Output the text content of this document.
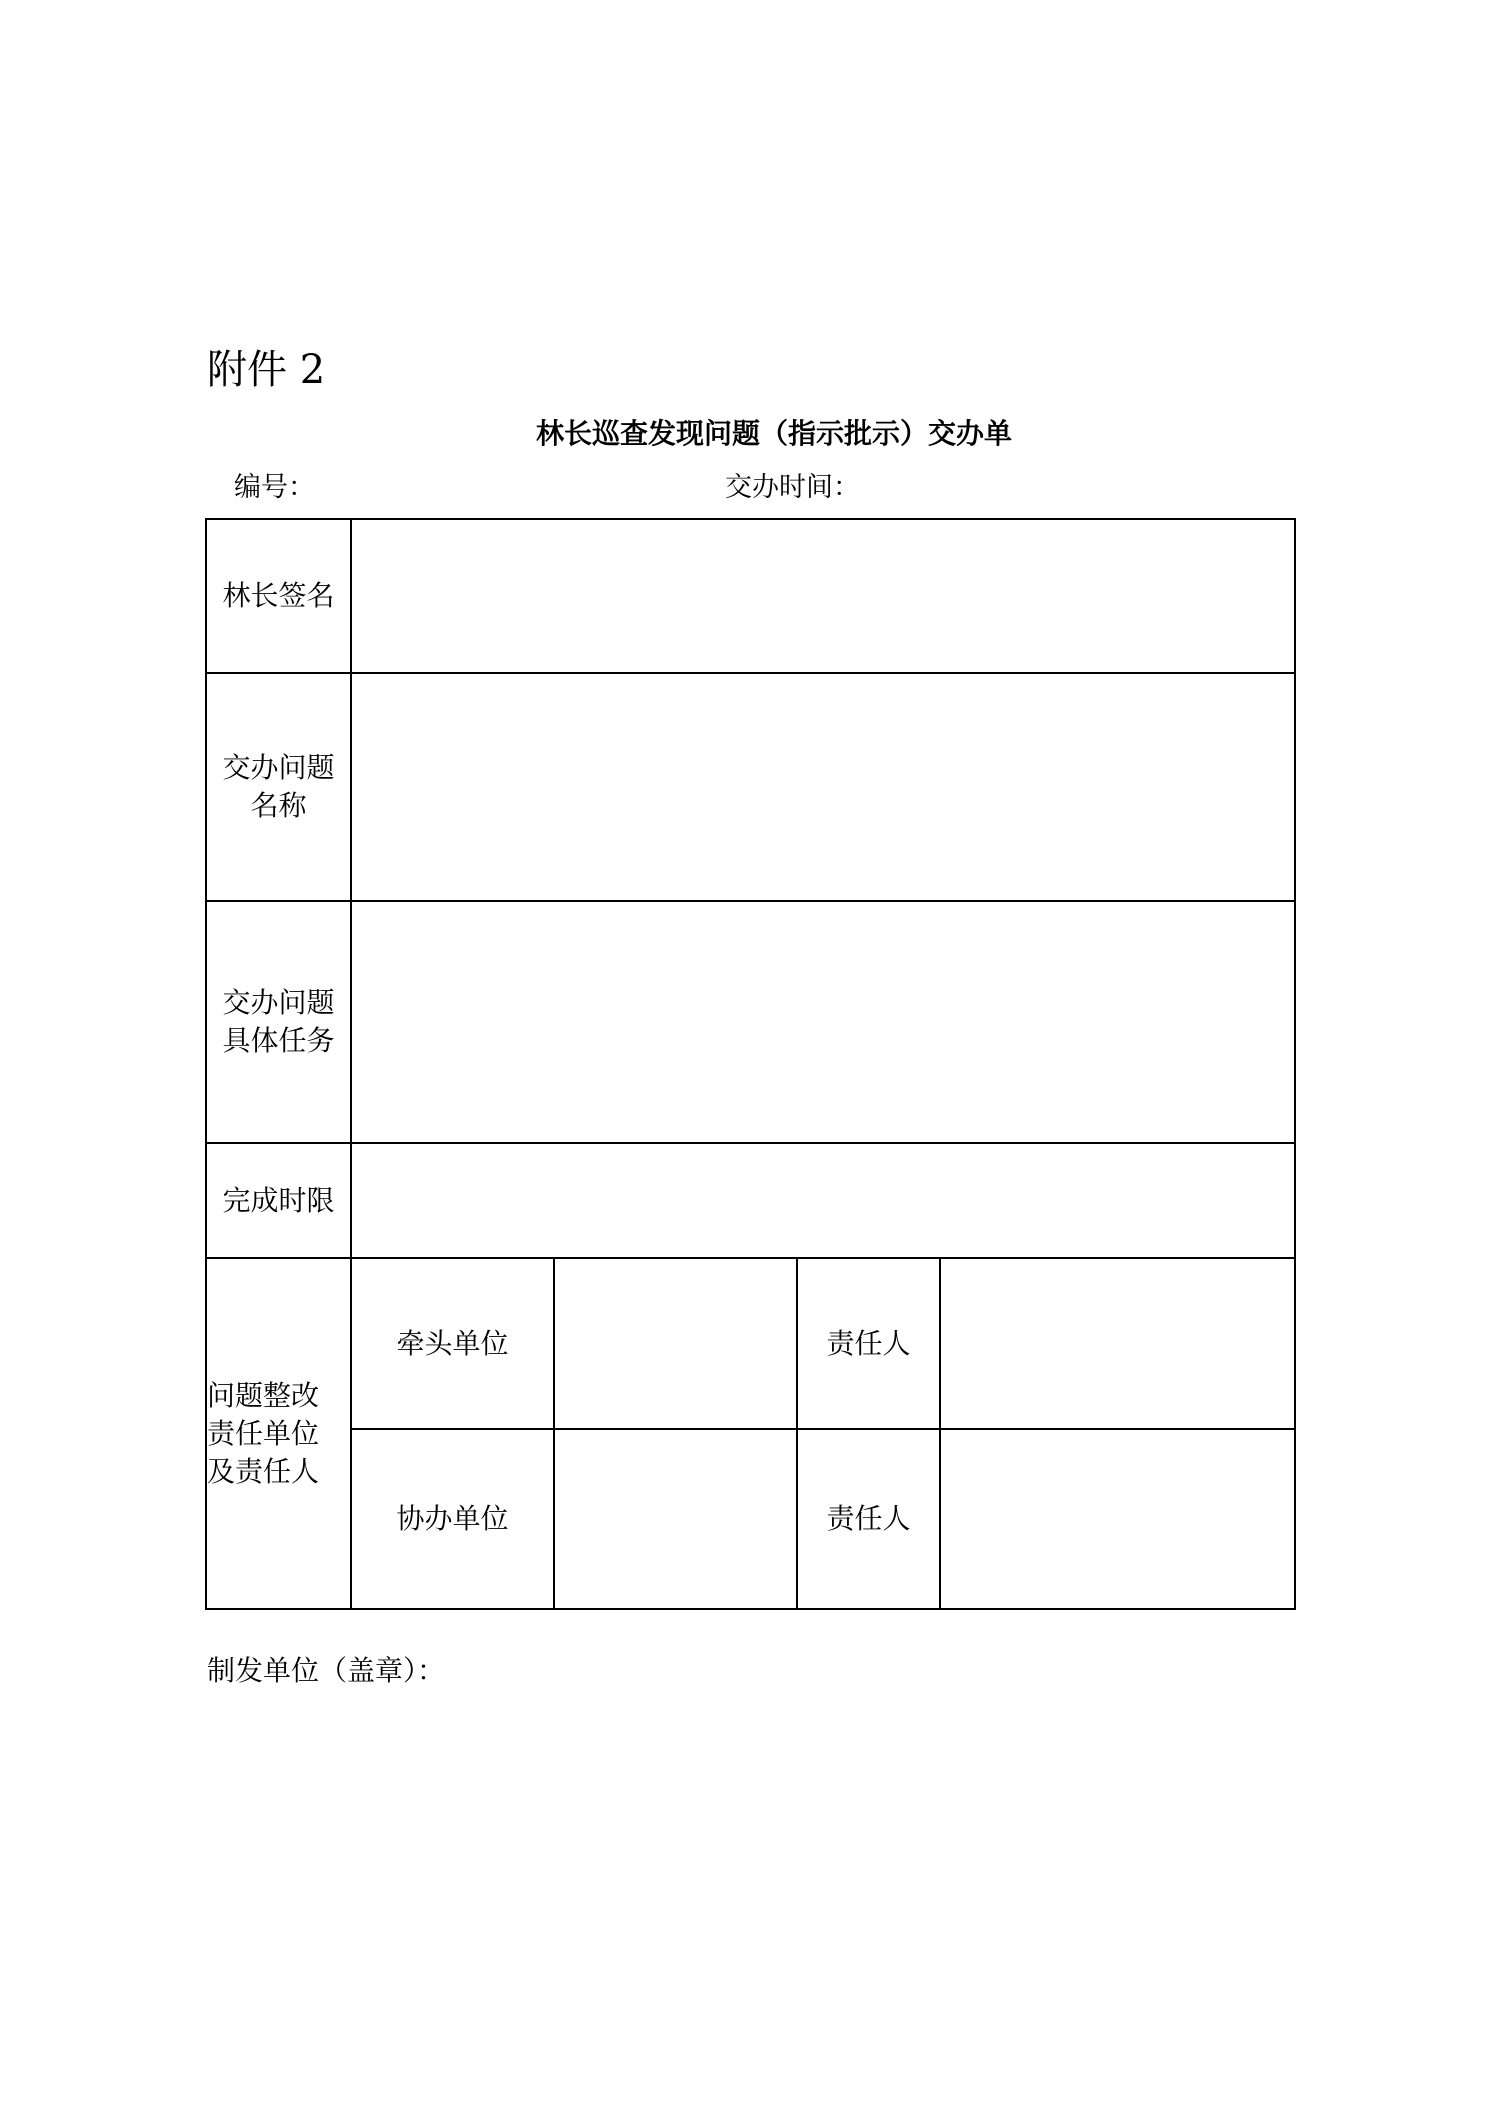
附件 2
林长巡查发现问题（指示批示）交办单
编号：	交办时间：
林长签名				

交办问题
名称				

交办问题
具体任务				

完成时限				

问题整改
责任单位
及责任人	牵头单位		责任人	
	协办单位		责任人	
制发单位（盖章）：
